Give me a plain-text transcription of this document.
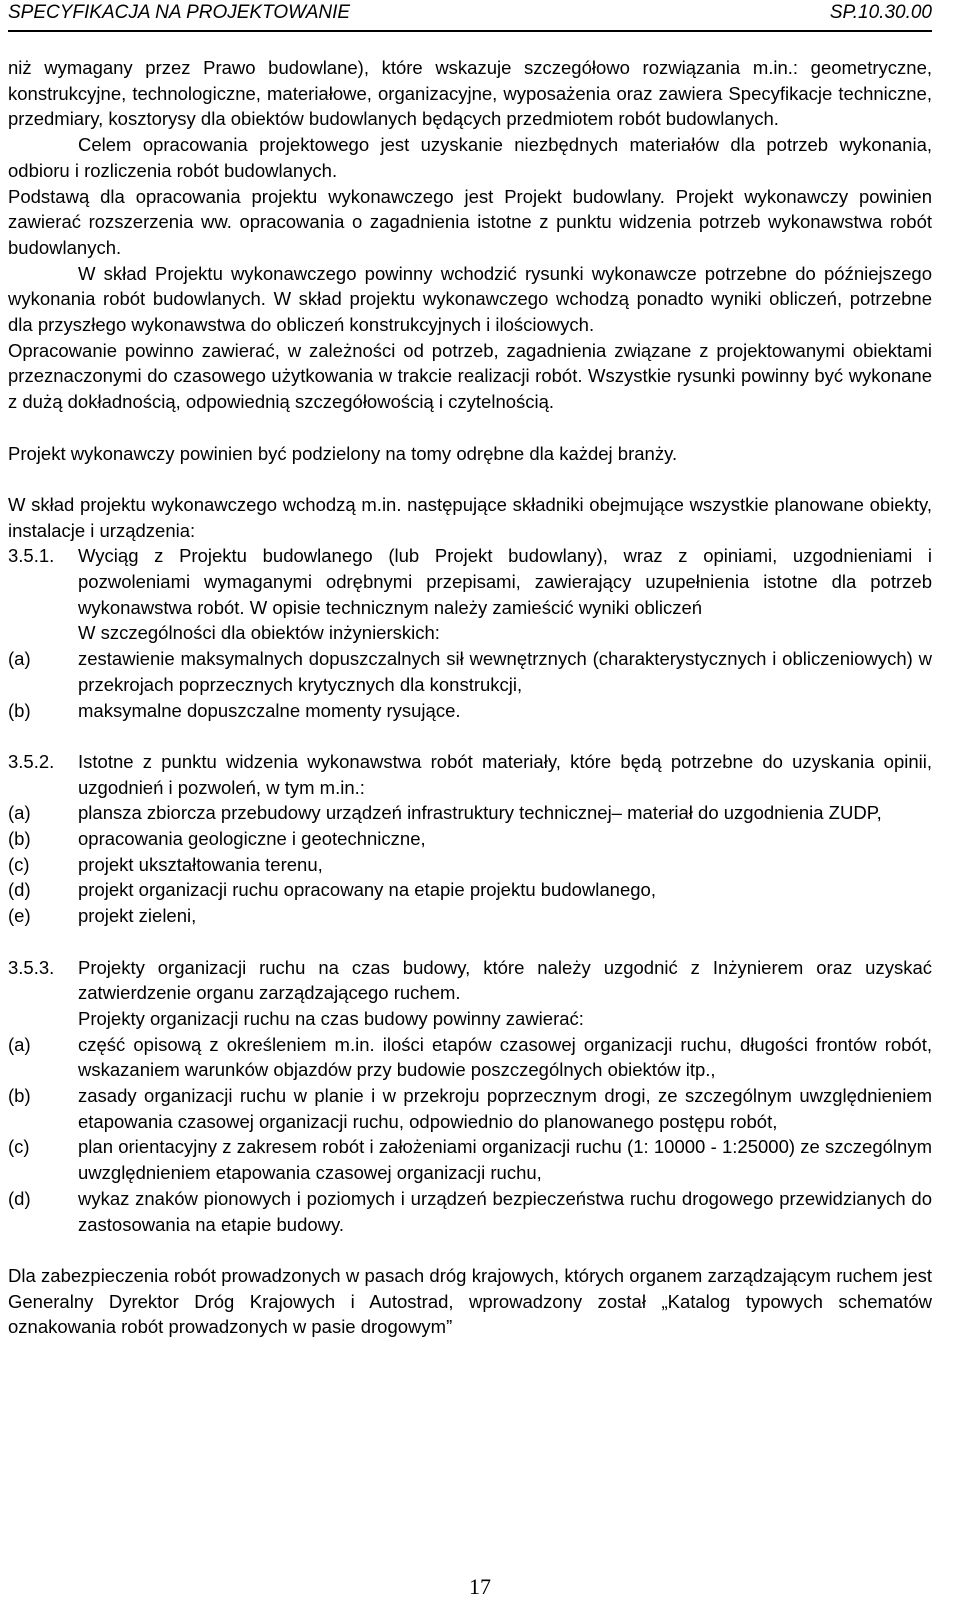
SPECYFIKACJA NA PROJEKTOWANIE	SP.10.30.00

niż wymagany przez Prawo budowlane), które wskazuje szczegółowo rozwiązania m.in.: geometryczne, konstrukcyjne, technologiczne, materiałowe, organizacyjne, wyposażenia oraz zawiera Specyfikacje techniczne, przedmiary, kosztorysy dla obiektów budowlanych będących przedmiotem robót budowlanych.

Celem opracowania projektowego jest uzyskanie niezbędnych materiałów dla potrzeb wykonania, odbioru i rozliczenia robót budowlanych.

Podstawą dla opracowania projektu wykonawczego jest Projekt budowlany. Projekt wykonawczy powinien zawierać rozszerzenia ww. opracowania o zagadnienia istotne z punktu widzenia potrzeb wykonawstwa robót budowlanych.

W skład Projektu wykonawczego powinny wchodzić rysunki wykonawcze potrzebne do późniejszego wykonania robót budowlanych. W skład projektu wykonawczego wchodzą ponadto wyniki obliczeń, potrzebne dla przyszłego wykonawstwa do obliczeń konstrukcyjnych i ilościowych.

Opracowanie powinno zawierać, w zależności od potrzeb, zagadnienia związane z projektowanymi obiektami przeznaczonymi do czasowego użytkowania w trakcie realizacji robót. Wszystkie rysunki powinny być wykonane z dużą dokładnością, odpowiednią szczegółowością i czytelnością.

Projekt wykonawczy powinien być podzielony na tomy odrębne dla każdej branży.

W skład projektu wykonawczego wchodzą m.in. następujące składniki obejmujące wszystkie planowane obiekty, instalacje i urządzenia:

3.5.1. Wyciąg z Projektu budowlanego (lub Projekt budowlany), wraz z opiniami, uzgodnieniami i pozwoleniami wymaganymi odrębnymi przepisami, zawierający uzupełnienia istotne dla potrzeb wykonawstwa robót. W opisie technicznym należy zamieścić wyniki obliczeń

W szczególności dla obiektów inżynierskich:

(a)	zestawienie maksymalnych dopuszczalnych sił wewnętrznych (charakterystycznych i obliczeniowych) w przekrojach poprzecznych krytycznych dla konstrukcji,
(b)	maksymalne dopuszczalne momenty rysujące.
3.5.2. Istotne z punktu widzenia wykonawstwa robót materiały, które będą potrzebne do uzyskania opinii, uzgodnień i pozwoleń, w tym m.in.:
(a)	plansza zbiorcza przebudowy urządzeń infrastruktury technicznej– materiał do uzgodnienia ZUDP,
(b)	opracowania geologiczne i geotechniczne,
(c)	projekt ukształtowania terenu,
(d)	projekt organizacji ruchu opracowany na etapie projektu budowlanego,
(e)	projekt zieleni,
3.5.3. Projekty organizacji ruchu na czas budowy, które należy uzgodnić z Inżynierem oraz uzyskać zatwierdzenie organu zarządzającego ruchem.

Projekty organizacji ruchu na czas budowy powinny zawierać:

(a)	część opisową z określeniem m.in. ilości etapów czasowej organizacji ruchu, długości frontów robót, wskazaniem warunków objazdów przy budowie poszczególnych obiektów itp.,
(b)	zasady organizacji ruchu w planie i w przekroju poprzecznym drogi, ze szczególnym uwzględnieniem etapowania czasowej organizacji ruchu, odpowiednio do planowanego postępu robót,
(c)	plan orientacyjny z zakresem robót i założeniami organizacji ruchu (1: 10000 - 1:25000) ze szczególnym uwzględnieniem etapowania czasowej organizacji ruchu,
(d)	wykaz znaków pionowych i poziomych i urządzeń bezpieczeństwa ruchu drogowego przewidzianych do zastosowania na etapie budowy.

Dla zabezpieczenia robót prowadzonych w pasach dróg krajowych, których organem zarządzającym ruchem jest Generalny Dyrektor Dróg Krajowych i Autostrad, wprowadzony został „Katalog typowych schematów oznakowania robót prowadzonych w pasie drogowym”

17
